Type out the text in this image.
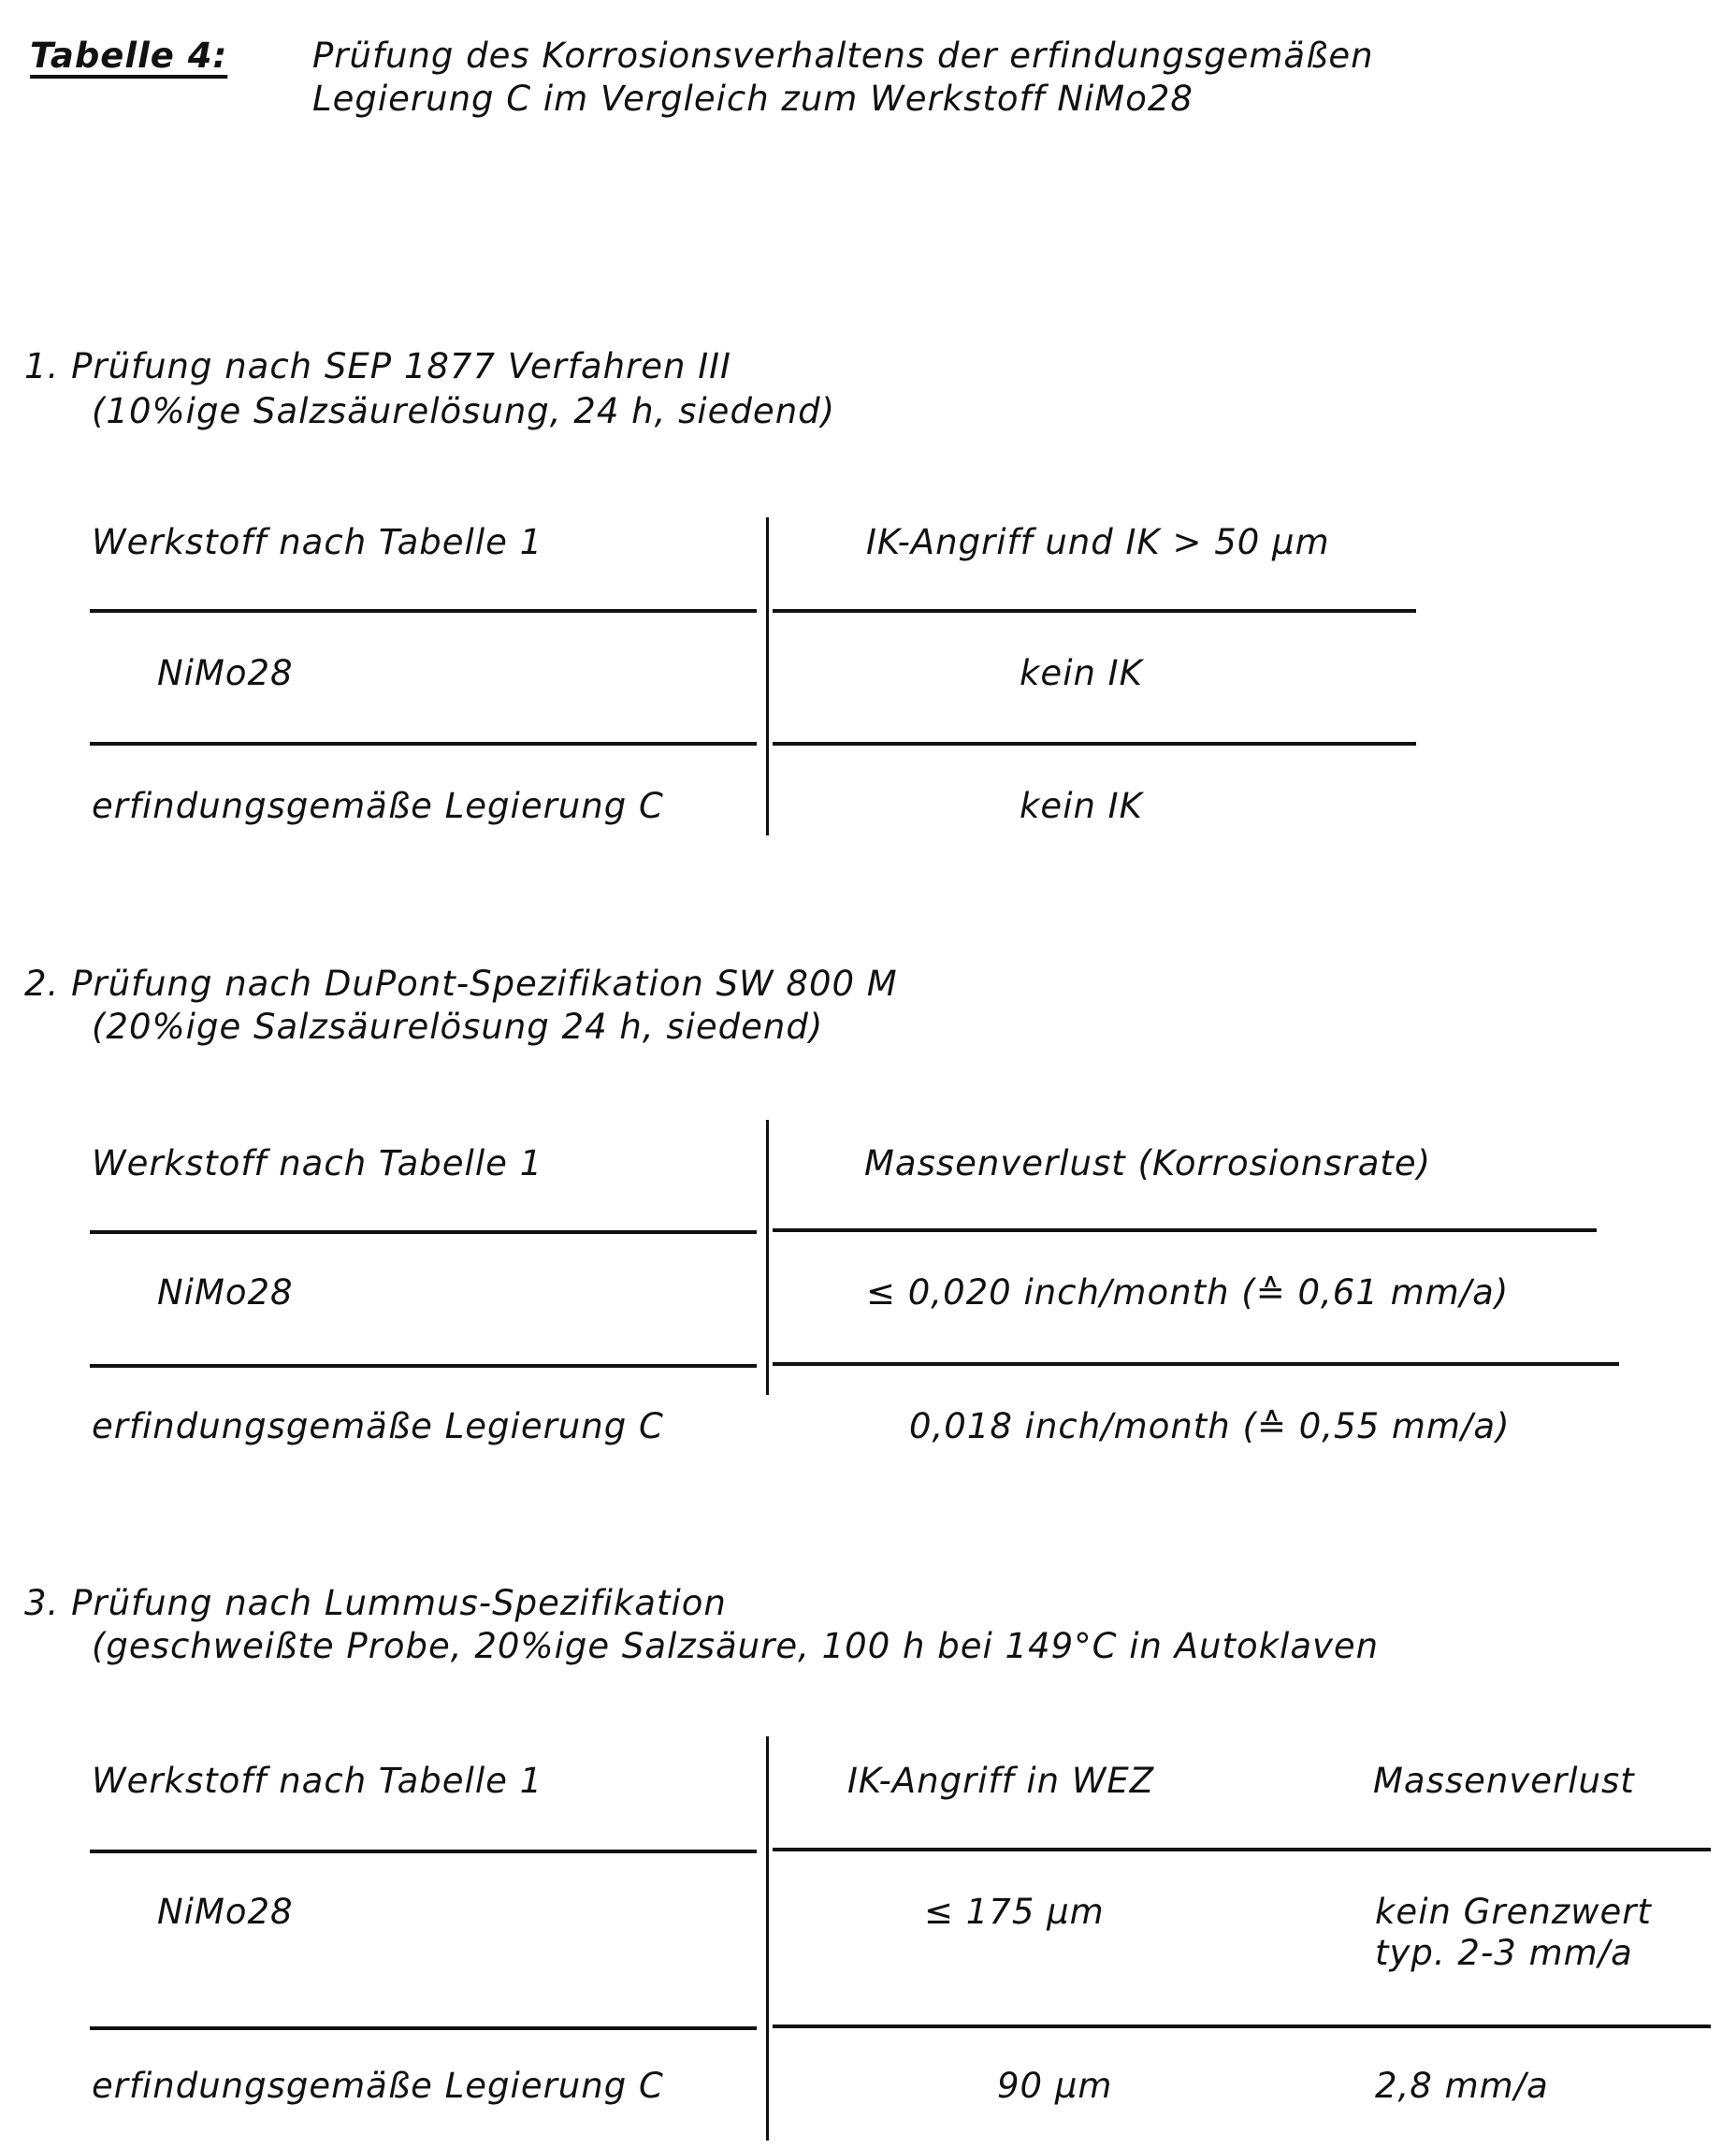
Tabelle 4: Prüfung des Korrosionsverhaltens der erfindungsgemäßen
Legierung C im Vergleich zum Werkstoff NiMo28
1. Prüfung nach SEP 1877 Verfahren III
(10%ige Salzsäurelösung, 24 h, siedend)
Werkstoff nach Tabelle 1	IK-Angriff und IK > 50 µm
NiMo28	kein IK
erfindungsgemäße Legierung C	kein IK
2. Prüfung nach DuPont-Spezifikation SW 800 M
(20%ige Salzsäurelösung 24 h, siedend)
Werkstoff nach Tabelle 1	Massenverlust (Korrosionsrate)
NiMo28	≤ 0,020 inch/month (≙ 0,61 mm/a)
erfindungsgemäße Legierung C	0,018 inch/month (≙ 0,55 mm/a)
3. Prüfung nach Lummus-Spezifikation
(geschweißte Probe, 20%ige Salzsäure, 100 h bei 149°C in Autoklaven
Werkstoff nach Tabelle 1	IK-Angriff in WEZ	Massenverlust
NiMo28	≤ 175 µm	kein Grenzwert
typ. 2-3 mm/a
erfindungsgemäße Legierung C	90 µm	2,8 mm/a
